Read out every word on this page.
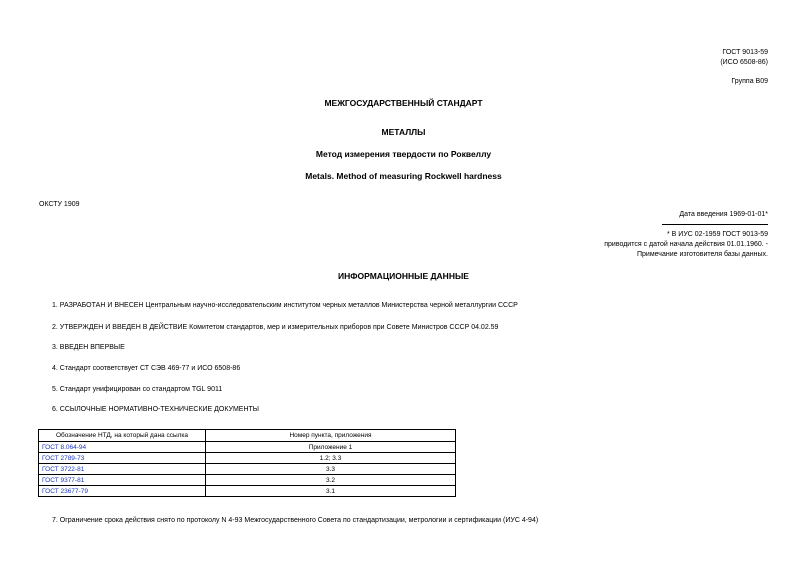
ГОСТ 9013-59
(ИСО 6508-86)
Группа В09
МЕЖГОСУДАРСТВЕННЫЙ СТАНДАРТ
МЕТАЛЛЫ
Метод измерения твердости по Роквеллу
Metals. Method of measuring Rockwell hardness
ОКСТУ 1909
Дата введения 1969-01-01*
* В ИУС 02-1959 ГОСТ 9013-59
приводится с датой начала действия 01.01.1960. -
Примечание изготовителя базы данных.
ИНФОРМАЦИОННЫЕ ДАННЫЕ
1. РАЗРАБОТАН И ВНЕСЕН Центральным научно-исследовательским институтом черных металлов Министерства черной металлургии СССР
2. УТВЕРЖДЕН И ВВЕДЕН В ДЕЙСТВИЕ Комитетом стандартов, мер и измерительных приборов при Совете Министров СССР 04.02.59
3. ВВЕДЕН ВПЕРВЫЕ
4. Стандарт соответствует СТ СЭВ 469-77 и ИСО 6508-86
5. Стандарт унифицирован со стандартом TGL 9011
6. ССЫЛОЧНЫЕ НОРМАТИВНО-ТЕХНИЧЕСКИЕ ДОКУМЕНТЫ
Обозначение НТД, на который дана ссылка	Номер пункта, приложения
ГОСТ 8.064-94	Приложение 1
ГОСТ 2789-73	1.2; 3.3
ГОСТ 3722-81	3.3
ГОСТ 9377-81	3.2
ГОСТ 23677-79	3.1
7. Ограничение срока действия снято по протоколу N 4-93 Межгосударственного Совета по стандартизации, метрологии и сертификации (ИУС 4-94)
